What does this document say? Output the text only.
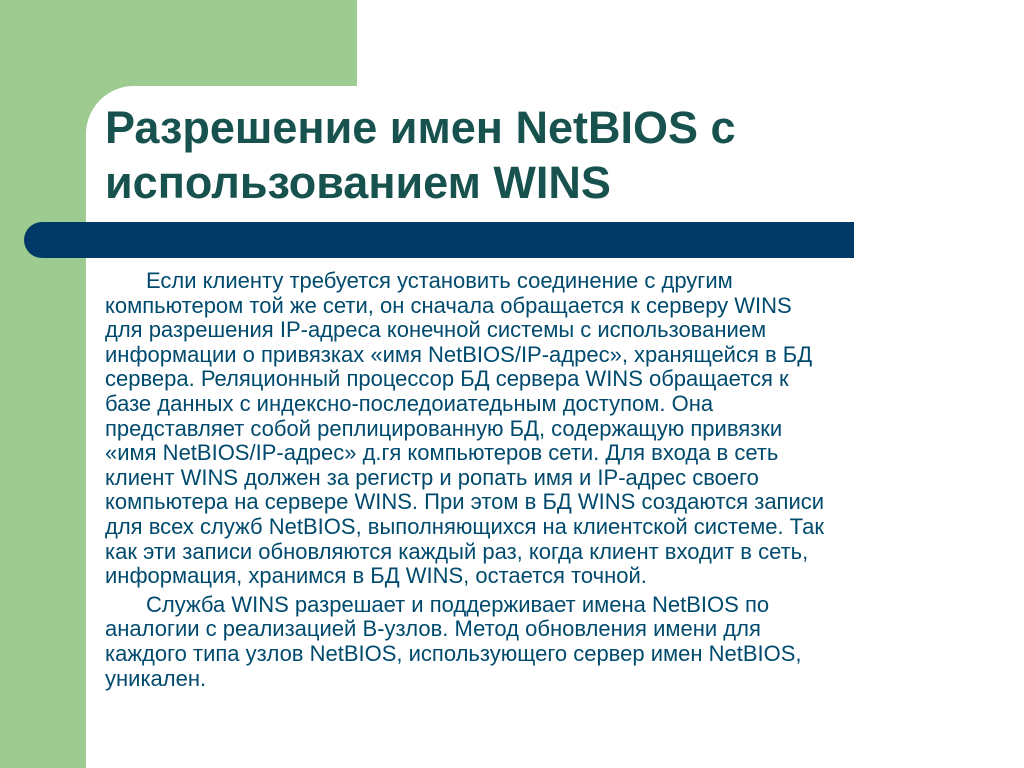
Разрешение имен NetBIOS с
использованием WINS

Если клиенту требуется установить соединение с другим
компьютером той же сети, он сначала обращается к серверу WINS
для разрешения IP-адреса конечной системы с использованием
информации о привязках «имя NetBIOS/IP-адрес», хранящейся в БД
сервера. Реляционный процессор БД сервера WINS обращается к
базе данных с индексно-последоиатедьным доступом. Она
представляет собой реплицированную БД, содержащую привязки
«имя NetBIOS/IP-адрес» д.гя компьютеров сети. Для входа в сеть
клиент WINS должен за регистр и ропать имя и IP-адрес своего
компьютера на сервере WINS. При этом в БД WINS создаются записи
для всех служб NetBIOS, выполняющихся на клиентской системе. Так
как эти записи обновляются каждый раз, когда клиент входит в сеть,
информация, хранимся в БД WINS, остается точной.

Служба WINS разрешает и поддерживает имена NetBIOS по
аналогии с реализацией В-узлов. Метод обновления имени для
каждого типа узлов NetBIOS, использующего сервер имен NetBIOS,
уникален.
